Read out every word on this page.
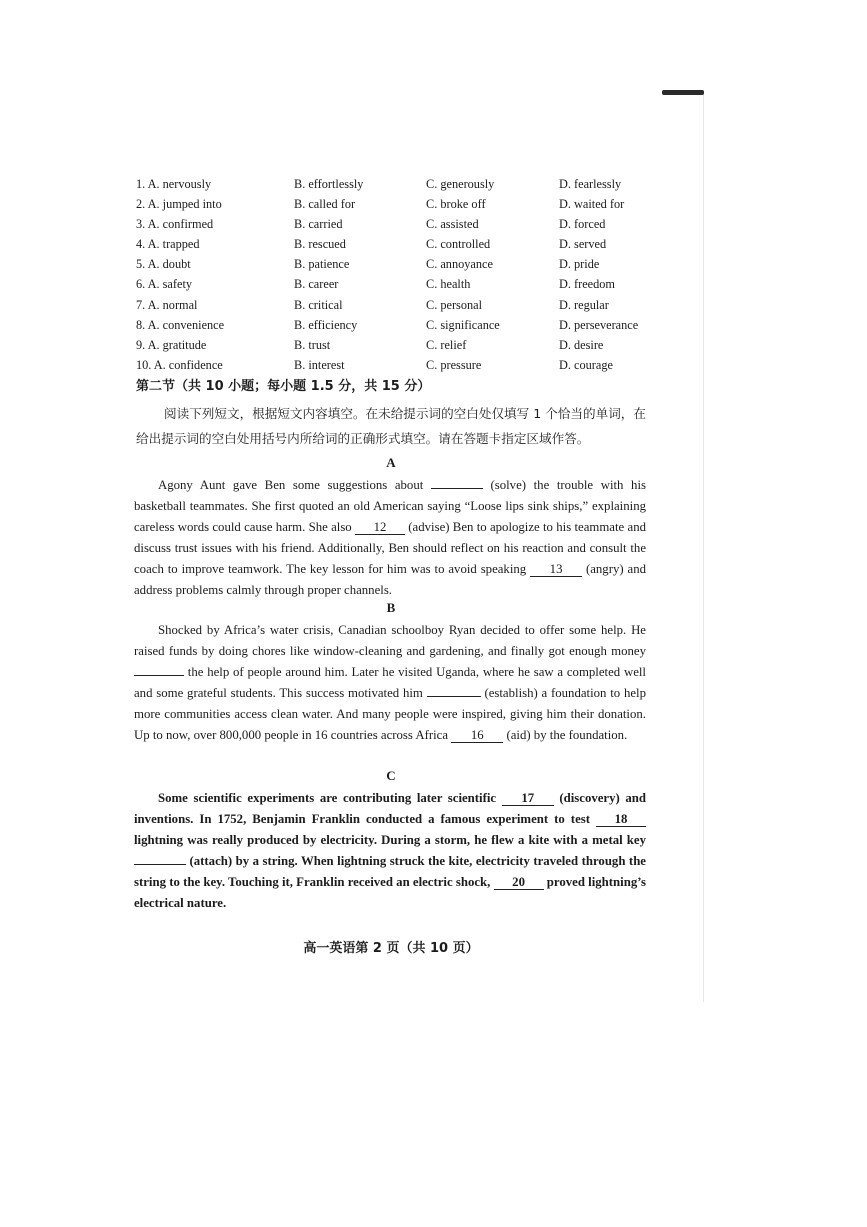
1. A. nervously	B. effortlessly	C. generously	D. fearlessly
2. A. jumped into	B. called for	C. broke off	D. waited for
3. A. confirmed	B. carried	C. assisted	D. forced
4. A. trapped	B. rescued	C. controlled	D. served
5. A. doubt	B. patience	C. annoyance	D. pride
6. A. safety	B. career	C. health	D. freedom
7. A. normal	B. critical	C. personal	D. regular
8. A. convenience	B. efficiency	C. significance	D. perseverance
9. A. gratitude	B. trust	C. relief	D. desire
10. A. confidence	B. interest	C. pressure	D. courage
第二节（共 10 小题；每小题 1.5 分，共 15 分）
阅读下列短文，根据短文内容填空。在未给提示词的空白处仅填写 1 个恰当的单词，在给出提示词的空白处用括号内所给词的正确形式填空。请在答题卡指定区域作答。
A
Agony Aunt gave Ben some suggestions about	(solve) the trouble with his basketball teammates. She first quoted an old American saying “Loose lips sink ships,” explaining careless words could cause harm. She also 12 (advise) Ben to apologize to his teammate and discuss trust issues with his friend. Additionally, Ben should reflect on his reaction and consult the coach to improve teamwork. The key lesson for him was to avoid speaking 13 (angry) and address problems calmly through proper channels.
B
Shocked by Africa’s water crisis, Canadian schoolboy Ryan decided to offer some help. He raised funds by doing chores like window-cleaning and gardening, and finally got enough money  the help of people around him. Later he visited Uganda, where he saw a completed well and some grateful students. This success motivated him	(establish) a foundation to help more communities access clean water. And many people were inspired, giving him their donation. Up to now, over 800,000 people in 16 countries across Africa 16 (aid) by the foundation.
C
Some scientific experiments are contributing later scientific 17 (discovery) and inventions. In 1752, Benjamin Franklin conducted a famous experiment to test 18 lightning was really produced by electricity. During a storm, he flew a kite with a metal key  (attach) by a string. When lightning struck the kite, electricity traveled through the string to the key. Touching it, Franklin received an electric shock, 20 proved lightning’s electrical nature.
高一英语第 2 页（共 10 页）
